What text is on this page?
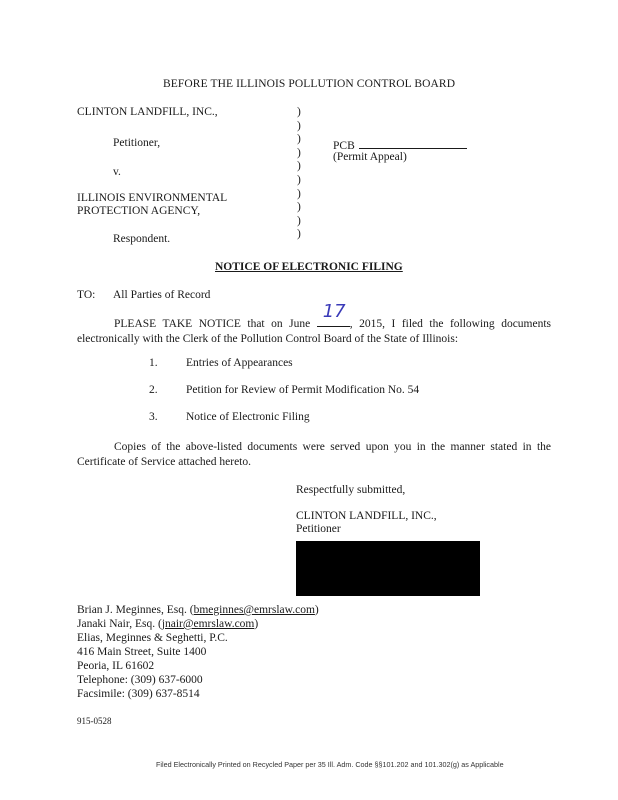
BEFORE THE ILLINOIS POLLUTION CONTROL BOARD
CLINTON LANDFILL, INC.,
Petitioner,
v.
ILLINOIS ENVIRONMENTAL
PROTECTION AGENCY,
Respondent.
)
)
)
)
)
)
)
)
)
)
PCB
(Permit Appeal)
NOTICE OF ELECTRONIC FILING
TO: All Parties of Record
PLEASE TAKE NOTICE that on June
17
, 2015, I filed the following documents electronically with the Clerk of the Pollution Control Board of the State of Illinois:
1. Entries of Appearances
2. Petition for Review of Permit Modification No. 54
3. Notice of Electronic Filing
Copies of the above-listed documents were served upon you in the manner stated in the Certificate of Service attached hereto.
Respectfully submitted,
CLINTON LANDFILL, INC.,
Petitioner
Brian J. Meginnes, Esq. (bmeginnes@emrslaw.com)
Janaki Nair, Esq. (jnair@emrslaw.com)
Elias, Meginnes & Seghetti, P.C.
416 Main Street, Suite 1400
Peoria, IL 61602
Telephone: (309) 637-6000
Facsimile: (309) 637-8514
915-0528
Filed Electronically Printed on Recycled Paper per 35 Ill. Adm. Code §§101.202 and 101.302(g) as Applicable
